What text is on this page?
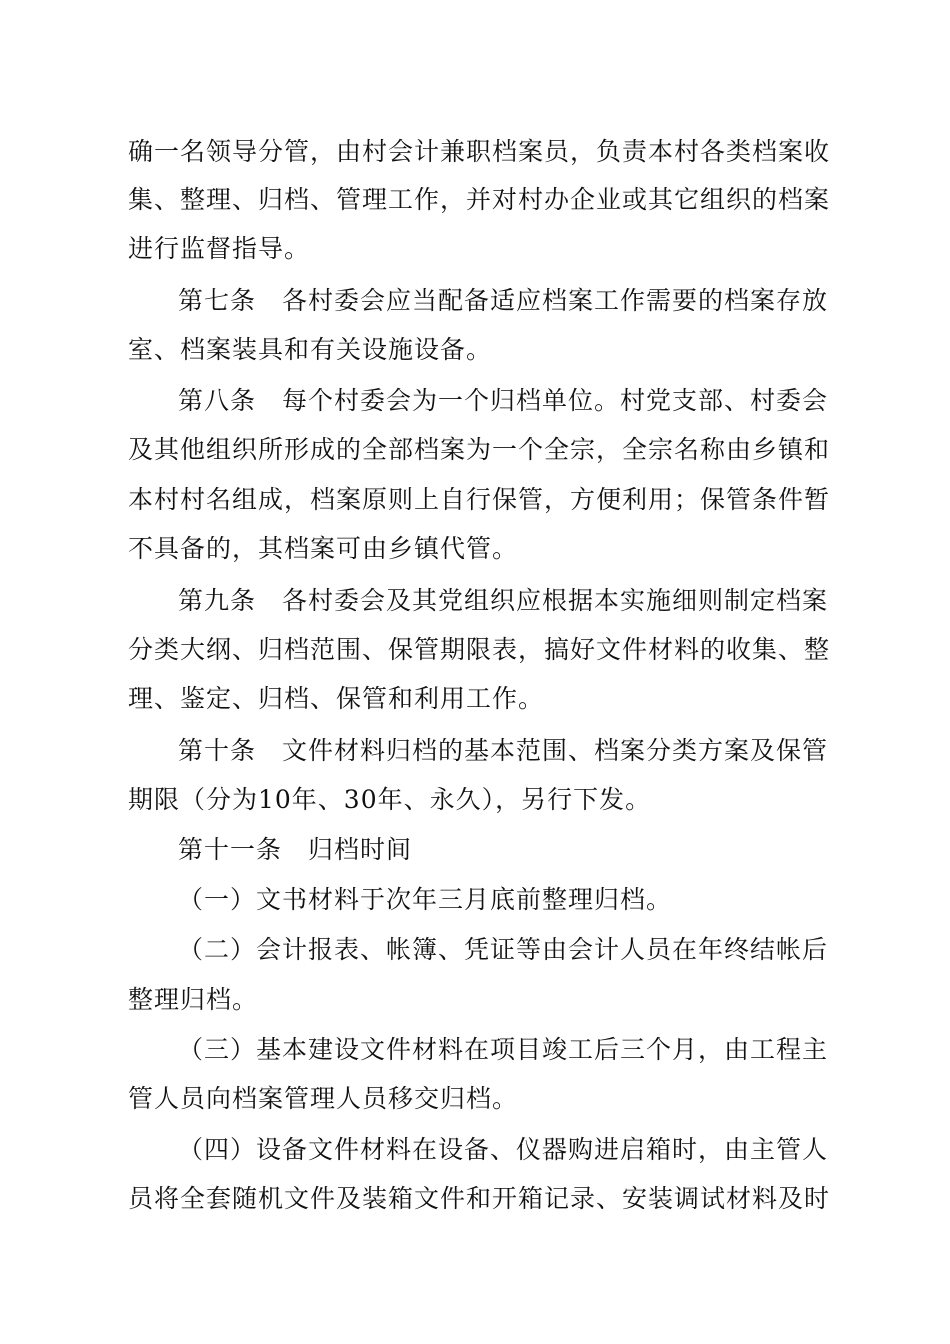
确一名领导分管，由村会计兼职档案员，负责本村各类档案收
集、整理、归档、管理工作，并对村办企业或其它组织的档案
进行监督指导。
第七条　各村委会应当配备适应档案工作需要的档案存放
室、档案装具和有关设施设备。
第八条　每个村委会为一个归档单位。村党支部、村委会
及其他组织所形成的全部档案为一个全宗，全宗名称由乡镇和
本村村名组成，档案原则上自行保管，方便利用；保管条件暂
不具备的，其档案可由乡镇代管。
第九条　各村委会及其党组织应根据本实施细则制定档案
分类大纲、归档范围、保管期限表，搞好文件材料的收集、整
理、鉴定、归档、保管和利用工作。
第十条　文件材料归档的基本范围、档案分类方案及保管
期限（分为10年、30年、永久），另行下发。
第十一条　归档时间
（一）文书材料于次年三月底前整理归档。
（二）会计报表、帐簿、凭证等由会计人员在年终结帐后
整理归档。
（三）基本建设文件材料在项目竣工后三个月，由工程主
管人员向档案管理人员移交归档。
（四）设备文件材料在设备、仪器购进启箱时，由主管人
员将全套随机文件及装箱文件和开箱记录、安装调试材料及时
